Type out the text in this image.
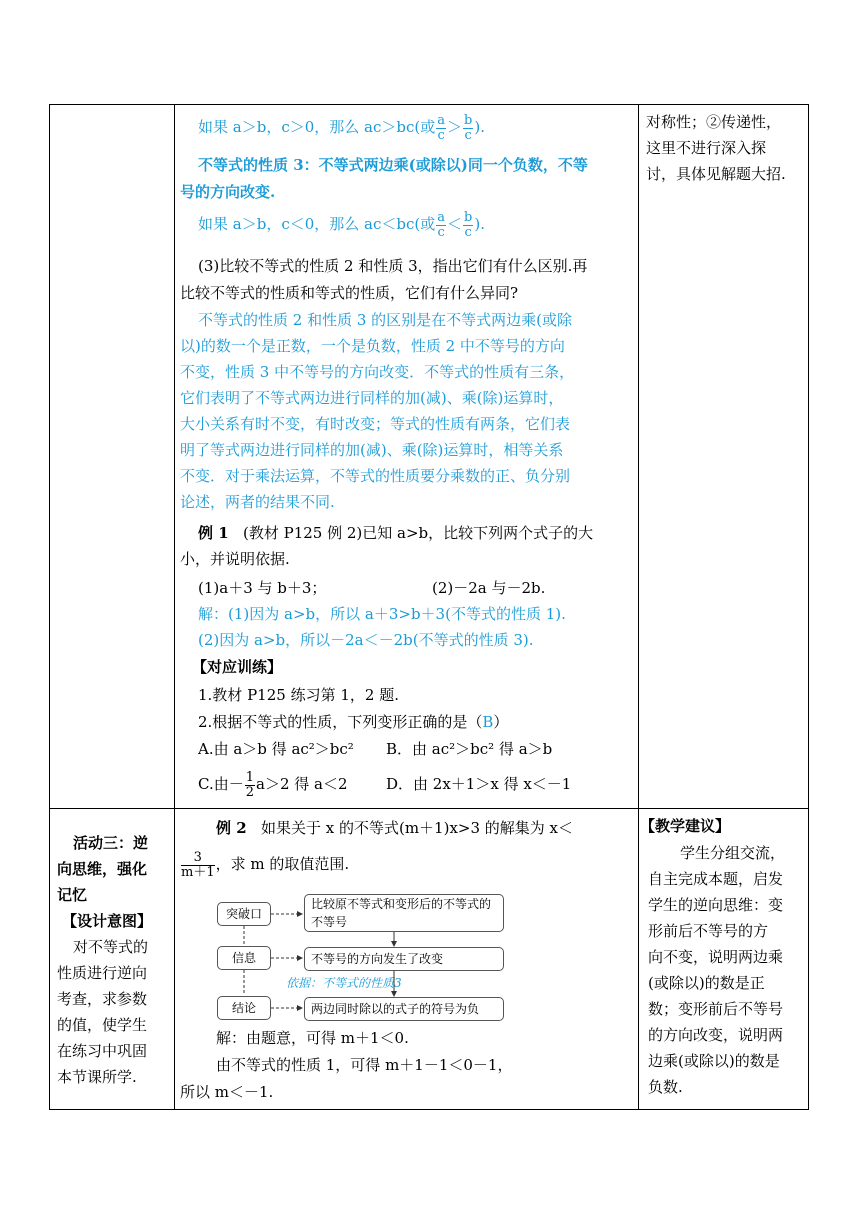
如果 a＞b，c＞0，那么 ac＞bc(或 $\frac{a}{c} > \frac{b}{c}$ ).
不等式的性质 3：不等式两边乘(或除以)同一个负数，不等
号的方向改变.
如果 a＞b，c＜0，那么 ac＜bc(或 $\frac{a}{c} < \frac{b}{c}$ ).
(3)比较不等式的性质 2 和性质 3，指出它们有什么区别.再
比较不等式的性质和等式的性质，它们有什么异同?
不等式的性质 2 和性质 3 的区别是在不等式两边乘(或除
以)的数一个是正数，一个是负数，性质 2 中不等号的方向
不变，性质 3 中不等号的方向改变．不等式的性质有三条，
它们表明了不等式两边进行同样的加(减)、乘(除)运算时，
大小关系有时不变，有时改变；等式的性质有两条，它们表
明了等式两边进行同样的加(减)、乘(除)运算时，相等关系
不变．对于乘法运算，不等式的性质要分乘数的正、负分别
论述，两者的结果不同.
例 1 (教材 P125 例 2)已知 a>b，比较下列两个式子的大
小，并说明依据.
(1)a＋3 与 b＋3；	(2)－2a 与－2b.
解：(1)因为 a>b，所以 a＋3>b＋3(不等式的性质 1).
(2)因为 a>b，所以－2a＜－2b(不等式的性质 3).
【对应训练】
1.教材 P125 练习第 1，2 题.
2.根据不等式的性质，下列变形正确的是（B）
A.由 a＞b 得 ac²＞bc² B．由 ac²＞bc² 得 a＞b
C.由－ $\frac{1}{2} a>2$ 得 a＜2	D．由 2x＋1＞x 得 x＜－1
对称性；②传递性，
这里不进行深入探
讨，具体见解题大招.
活动三：逆
向思维，强化
记忆
【设计意图】
对不等式的
性质进行逆向
考查，求参数
的值，使学生
在练习中巩固
本节课所学.
例 2 如果关于 x 的不等式(m＋1)x>3 的解集为 x＜
$\frac{3}{m+1}$ ，求 m 的取值范围.
突破口
信息
结论
比较原不等式和变形后的不等式的不等号
不等号的方向发生了改变
两边同时除以的式子的符号为负
依据：不等式的性质3
解：由题意，可得 m＋1＜0.
由不等式的性质 1，可得 m＋1－1＜0－1，
所以 m＜－1.
【教学建议】
学生分组交流，
自主完成本题，启发
学生的逆向思维：变
形前后不等号的方
向不变，说明两边乘
(或除以)的数是正
数；变形前后不等号
的方向改变，说明两
边乘(或除以)的数是
负数.
